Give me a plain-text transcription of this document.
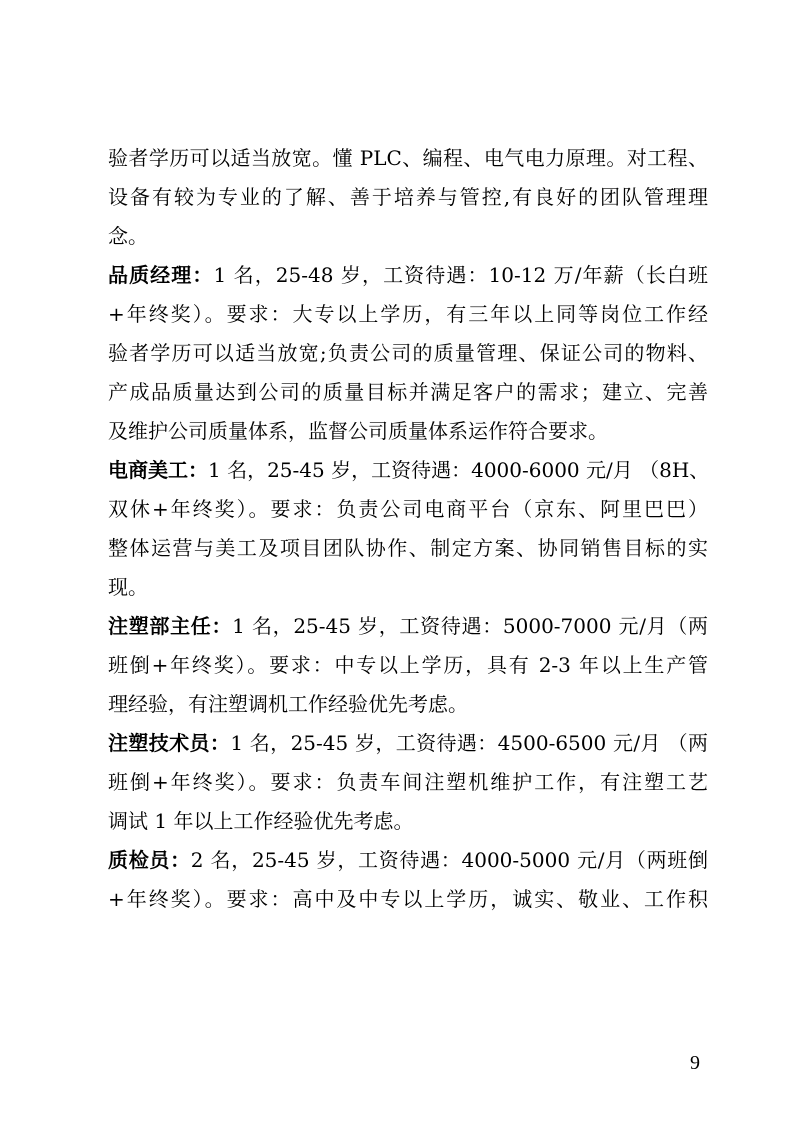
验者学历可以适当放宽。懂 PLC、编程、电气电力原理。对工程、
设备有较为专业的了解、善于培养与管控,有良好的团队管理理
念。
品质经理：1 名，25-48 岁，工资待遇：10-12 万/年薪（长白班
+年终奖）。要求：大专以上学历，有三年以上同等岗位工作经
验者学历可以适当放宽;负责公司的质量管理、保证公司的物料、
产成品质量达到公司的质量目标并满足客户的需求；建立、完善
及维护公司质量体系，监督公司质量体系运作符合要求。
电商美工：1 名，25-45 岁，工资待遇：4000-6000 元/月 （8H、
双休+年终奖）。要求：负责公司电商平台（京东、阿里巴巴）
整体运营与美工及项目团队协作、制定方案、协同销售目标的实
现。
注塑部主任：1 名，25-45 岁，工资待遇：5000-7000 元/月（两
班倒+年终奖）。要求：中专以上学历，具有 2-3 年以上生产管
理经验，有注塑调机工作经验优先考虑。
注塑技术员：1 名，25-45 岁，工资待遇：4500-6500 元/月 （两
班倒+年终奖）。要求：负责车间注塑机维护工作，有注塑工艺
调试 1 年以上工作经验优先考虑。
质检员：2 名，25-45 岁，工资待遇：4000-5000 元/月（两班倒
+年终奖）。要求：高中及中专以上学历，诚实、敬业、工作积
9
